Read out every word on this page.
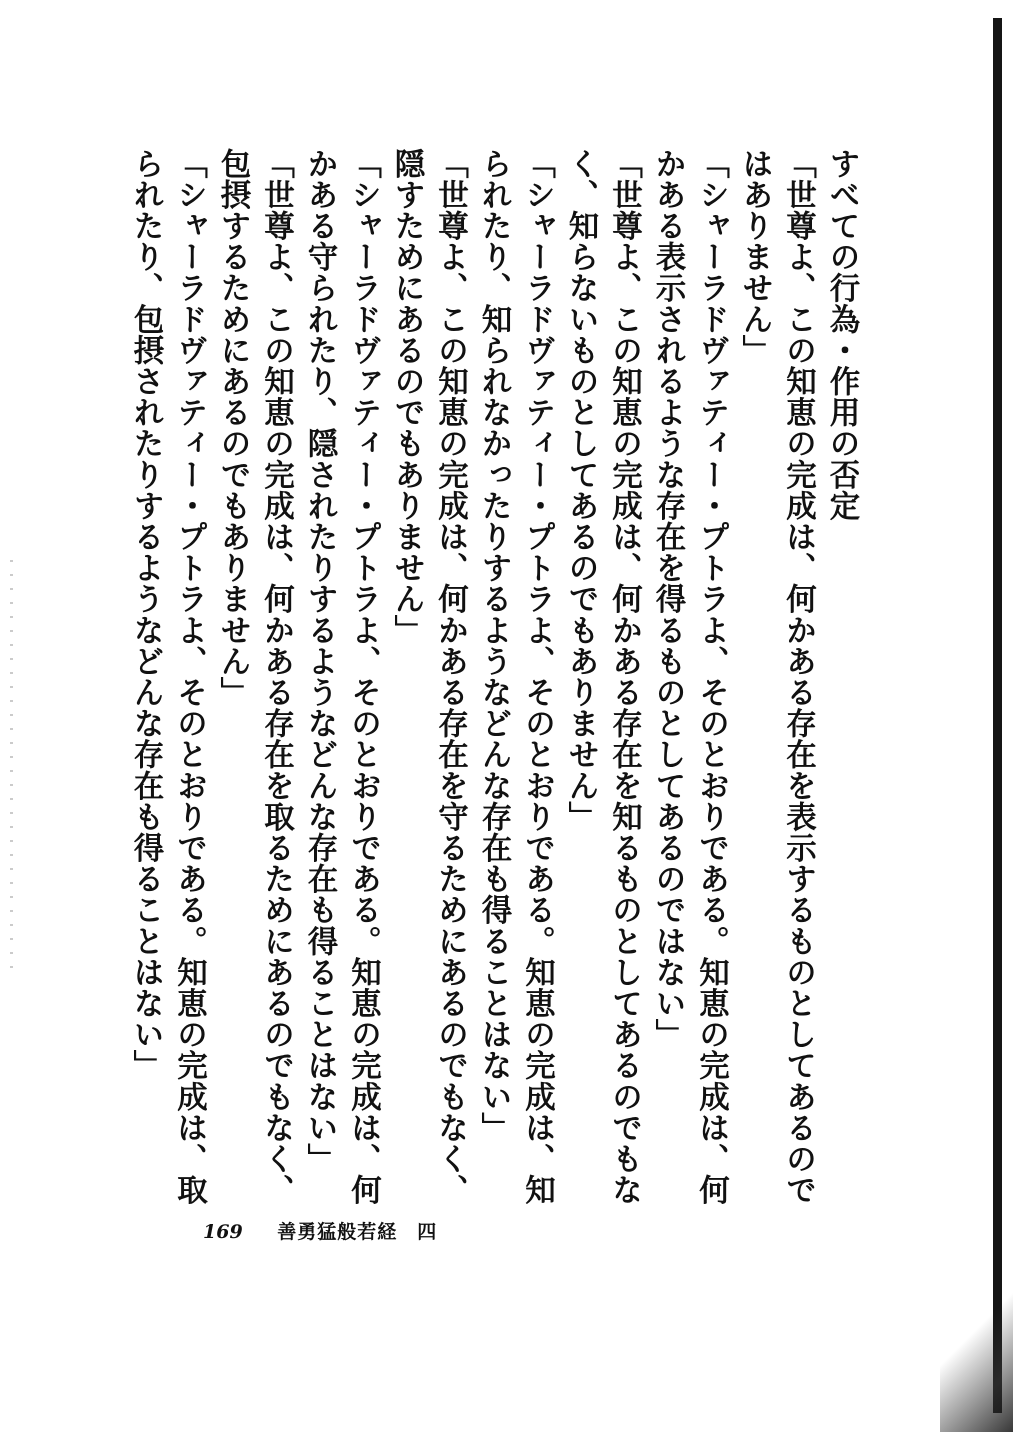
すべての行為・作用の否定
「世尊よ、この知恵の完成は、何かある存在を表示するものとしてあるのではありません」
「シャーラドヴァティー・プトラよ、そのとおりである。知恵の完成は、何かある表示されるような存在を得るものとしてあるのではない」
「世尊よ、この知恵の完成は、何かある存在を知るものとしてあるのでもなく、知らないものとしてあるのでもありません」
「シャーラドヴァティー・プトラよ、そのとおりである。知恵の完成は、知られたり、知られなかったりするようなどんな存在も得ることはない」
「世尊よ、この知恵の完成は、何かある存在を守るためにあるのでもなく、隠すためにあるのでもありません」
「シャーラドヴァティー・プトラよ、そのとおりである。知恵の完成は、何かある守られたり、隠されたりするようなどんな存在も得ることはない」
「世尊よ、この知恵の完成は、何かある存在を取るためにあるのでもなく、包摂するためにあるのでもありません」
「シャーラドヴァティー・プトラよ、そのとおりである。知恵の完成は、取られたり、包摂されたりするようなどんな存在も得ることはない」
169 善勇猛般若経　四
